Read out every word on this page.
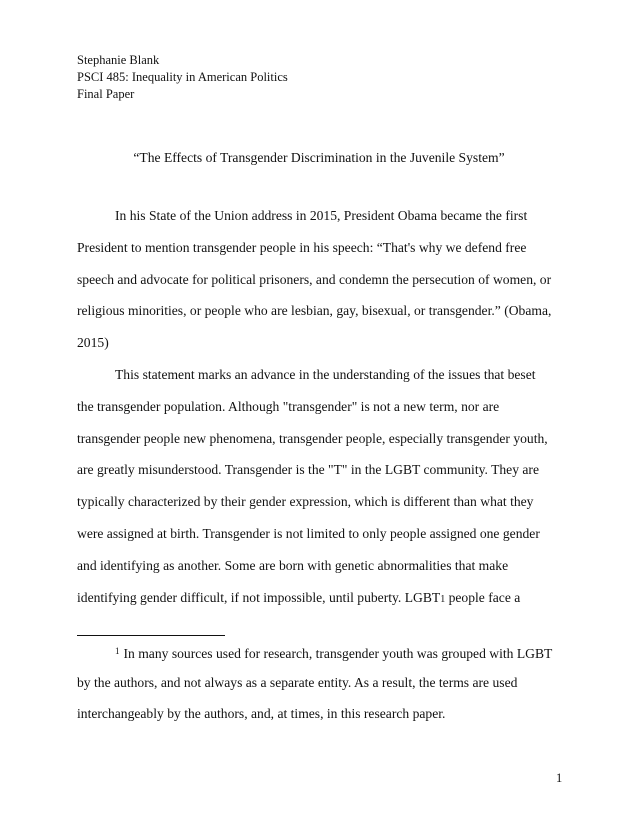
Stephanie Blank
PSCI 485: Inequality in American Politics
Final Paper
“The Effects of Transgender Discrimination in the Juvenile System”
In his State of the Union address in 2015, President Obama became the first
President to mention transgender people in his speech: “That's why we defend free
speech and advocate for political prisoners, and condemn the persecution of women, or
religious minorities, or people who are lesbian, gay, bisexual, or transgender.” (Obama,
2015)
This statement marks an advance in the understanding of the issues that beset
the transgender population. Although "transgender" is not a new term, nor are
transgender people new phenomena, transgender people, especially transgender youth,
are greatly misunderstood. Transgender is the "T" in the LGBT community. They are
typically characterized by their gender expression, which is different than what they
were assigned at birth. Transgender is not limited to only people assigned one gender
and identifying as another. Some are born with genetic abnormalities that make
identifying gender difficult, if not impossible, until puberty. LGBT1 people face a
$^1$ In many sources used for research, transgender youth was grouped with LGBT
by the authors, and not always as a separate entity. As a result, the terms are used
interchangeably by the authors, and, at times, in this research paper.
1
